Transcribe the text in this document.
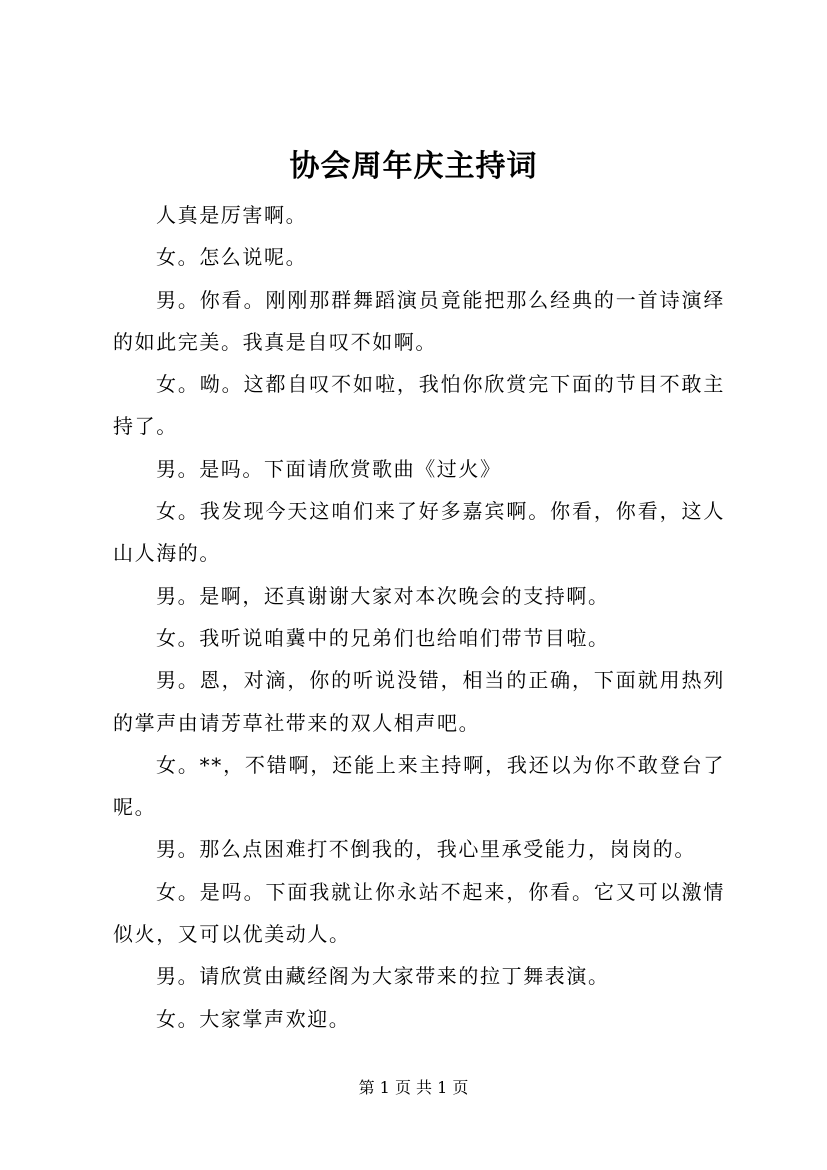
协会周年庆主持词

人真是厉害啊。

女。怎么说呢。

男。你看。刚刚那群舞蹈演员竟能把那么经典的一首诗演绎的如此完美。我真是自叹不如啊。

女。呦。这都自叹不如啦，我怕你欣赏完下面的节目不敢主持了。

男。是吗。下面请欣赏歌曲《过火》

女。我发现今天这咱们来了好多嘉宾啊。你看，你看，这人山人海的。

男。是啊，还真谢谢大家对本次晚会的支持啊。

女。我听说咱冀中的兄弟们也给咱们带节目啦。

男。恩，对滴，你的听说没错，相当的正确，下面就用热列的掌声由请芳草社带来的双人相声吧。

女。**，不错啊，还能上来主持啊，我还以为你不敢登台了呢。

男。那么点困难打不倒我的，我心里承受能力，岗岗的。

女。是吗。下面我就让你永站不起来，你看。它又可以激情似火，又可以优美动人。

男。请欣赏由藏经阁为大家带来的拉丁舞表演。

女。大家掌声欢迎。

第 1 页 共 1 页
